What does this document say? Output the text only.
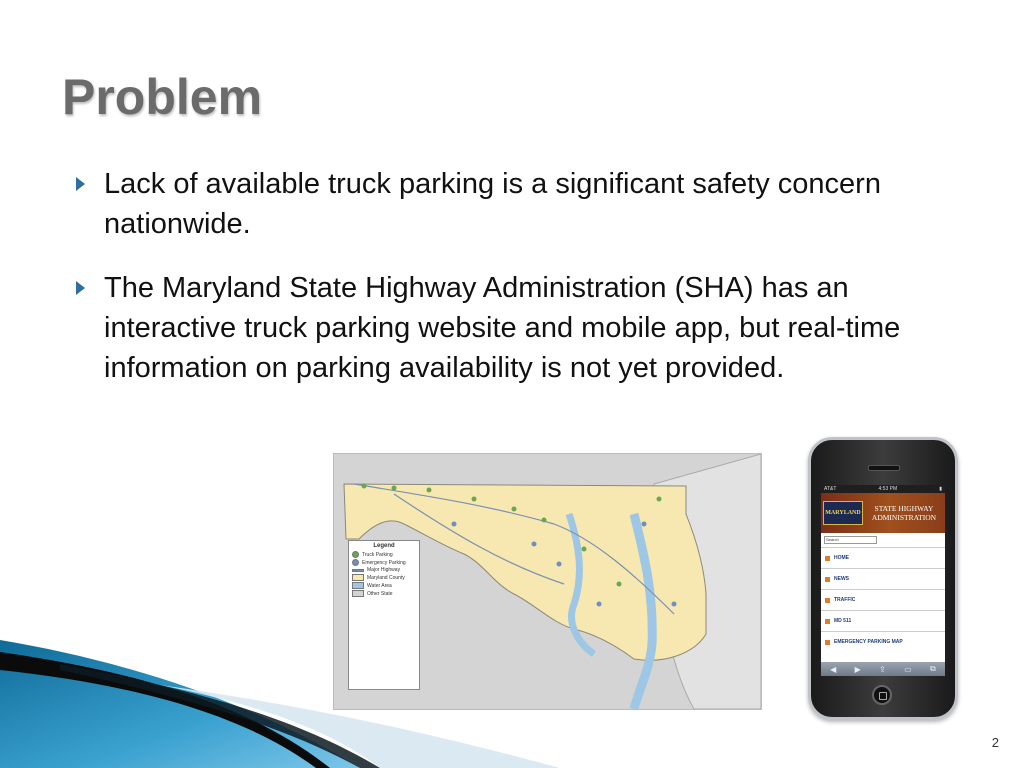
Problem
Lack of available truck parking is a significant safety concern nationwide.
The Maryland State Highway Administration (SHA) has an interactive truck parking website and mobile app, but real-time information on parking availability is not yet provided.
Legend
Truck Parking
Emergency Parking
Major Highway
Maryland County
Water Area
Other State
AT&T	4:53 PM	▮
MARYLAND	STATE HIGHWAY
ADMINISTRATION
Search
HOME
NEWS
TRAFFIC
MD 511
EMERGENCY PARKING MAP
◀ ▶ ⇪ ▭ ⧉
2
